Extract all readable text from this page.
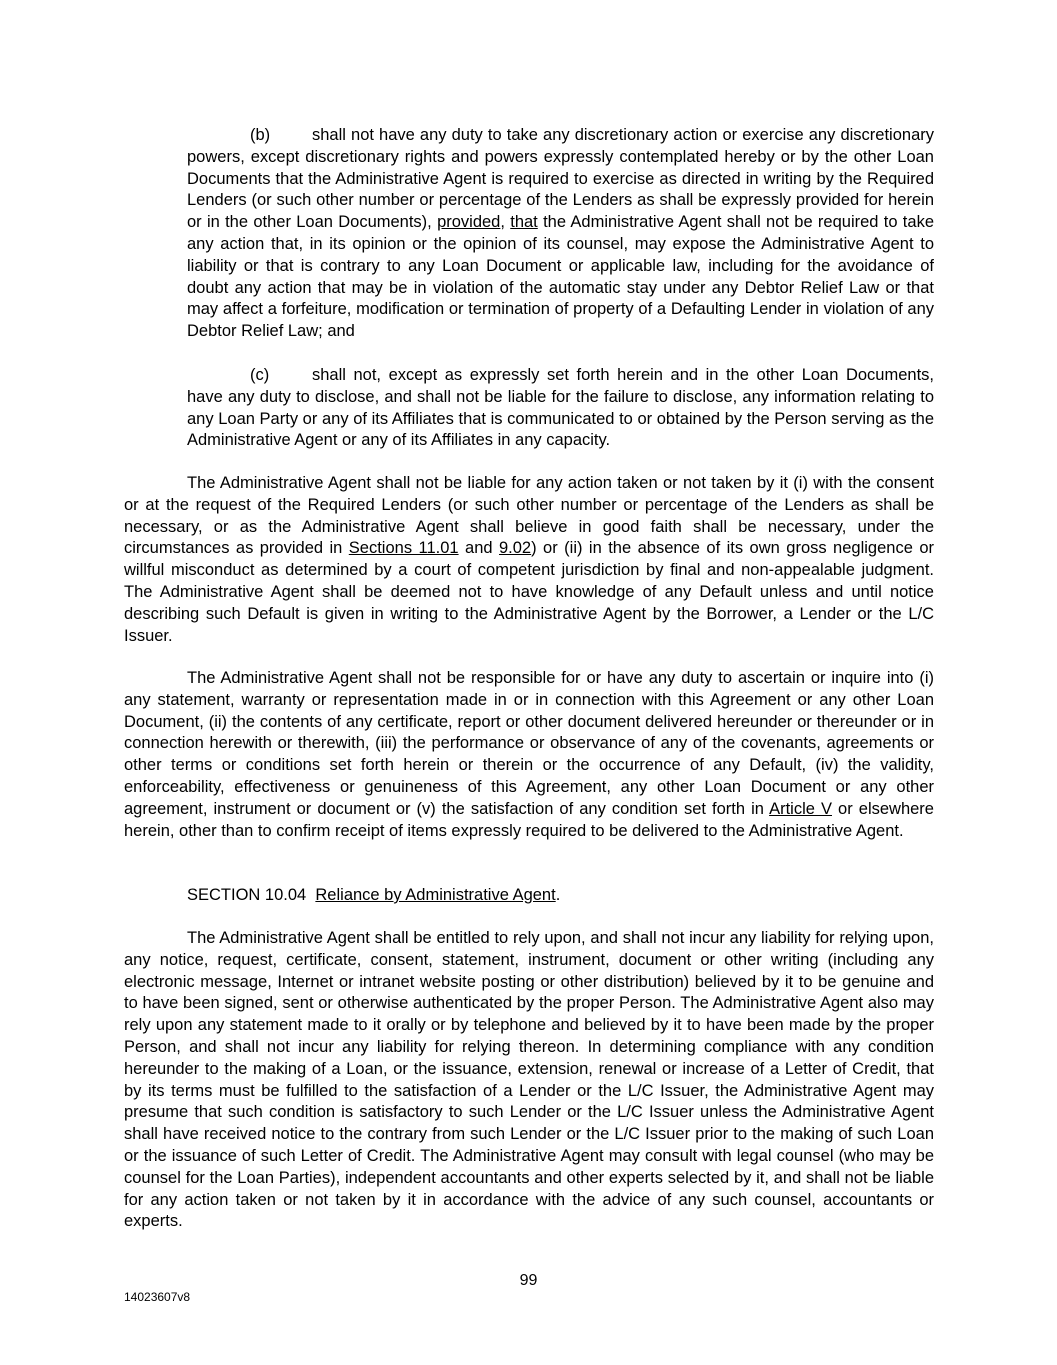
(b)	shall not have any duty to take any discretionary action or exercise any discretionary powers, except discretionary rights and powers expressly contemplated hereby or by the other Loan Documents that the Administrative Agent is required to exercise as directed in writing by the Required Lenders (or such other number or percentage of the Lenders as shall be expressly provided for herein or in the other Loan Documents), provided, that the Administrative Agent shall not be required to take any action that, in its opinion or the opinion of its counsel, may expose the Administrative Agent to liability or that is contrary to any Loan Document or applicable law, including for the avoidance of doubt any action that may be in violation of the automatic stay under any Debtor Relief Law or that may affect a forfeiture, modification or termination of property of a Defaulting Lender in violation of any Debtor Relief Law; and

(c)	shall not, except as expressly set forth herein and in the other Loan Documents, have any duty to disclose, and shall not be liable for the failure to disclose, any information relating to any Loan Party or any of its Affiliates that is communicated to or obtained by the Person serving as the Administrative Agent or any of its Affiliates in any capacity.

The Administrative Agent shall not be liable for any action taken or not taken by it (i) with the consent or at the request of the Required Lenders (or such other number or percentage of the Lenders as shall be necessary, or as the Administrative Agent shall believe in good faith shall be necessary, under the circumstances as provided in Sections 11.01 and 9.02) or (ii) in the absence of its own gross negligence or willful misconduct as determined by a court of competent jurisdiction by final and non-appealable judgment. The Administrative Agent shall be deemed not to have knowledge of any Default unless and until notice describing such Default is given in writing to the Administrative Agent by the Borrower, a Lender or the L/C Issuer.

The Administrative Agent shall not be responsible for or have any duty to ascertain or inquire into (i) any statement, warranty or representation made in or in connection with this Agreement or any other Loan Document, (ii) the contents of any certificate, report or other document delivered hereunder or thereunder or in connection herewith or therewith, (iii) the performance or observance of any of the covenants, agreements or other terms or conditions set forth herein or therein or the occurrence of any Default, (iv) the validity, enforceability, effectiveness or genuineness of this Agreement, any other Loan Document or any other agreement, instrument or document or (v) the satisfaction of any condition set forth in Article V or elsewhere herein, other than to confirm receipt of items expressly required to be delivered to the Administrative Agent.

SECTION 10.04 Reliance by Administrative Agent.

The Administrative Agent shall be entitled to rely upon, and shall not incur any liability for relying upon, any notice, request, certificate, consent, statement, instrument, document or other writing (including any electronic message, Internet or intranet website posting or other distribution) believed by it to be genuine and to have been signed, sent or otherwise authenticated by the proper Person. The Administrative Agent also may rely upon any statement made to it orally or by telephone and believed by it to have been made by the proper Person, and shall not incur any liability for relying thereon. In determining compliance with any condition hereunder to the making of a Loan, or the issuance, extension, renewal or increase of a Letter of Credit, that by its terms must be fulfilled to the satisfaction of a Lender or the L/C Issuer, the Administrative Agent may presume that such condition is satisfactory to such Lender or the L/C Issuer unless the Administrative Agent shall have received notice to the contrary from such Lender or the L/C Issuer prior to the making of such Loan or the issuance of such Letter of Credit. The Administrative Agent may consult with legal counsel (who may be counsel for the Loan Parties), independent accountants and other experts selected by it, and shall not be liable for any action taken or not taken by it in accordance with the advice of any such counsel, accountants or experts.

99
14023607v8
